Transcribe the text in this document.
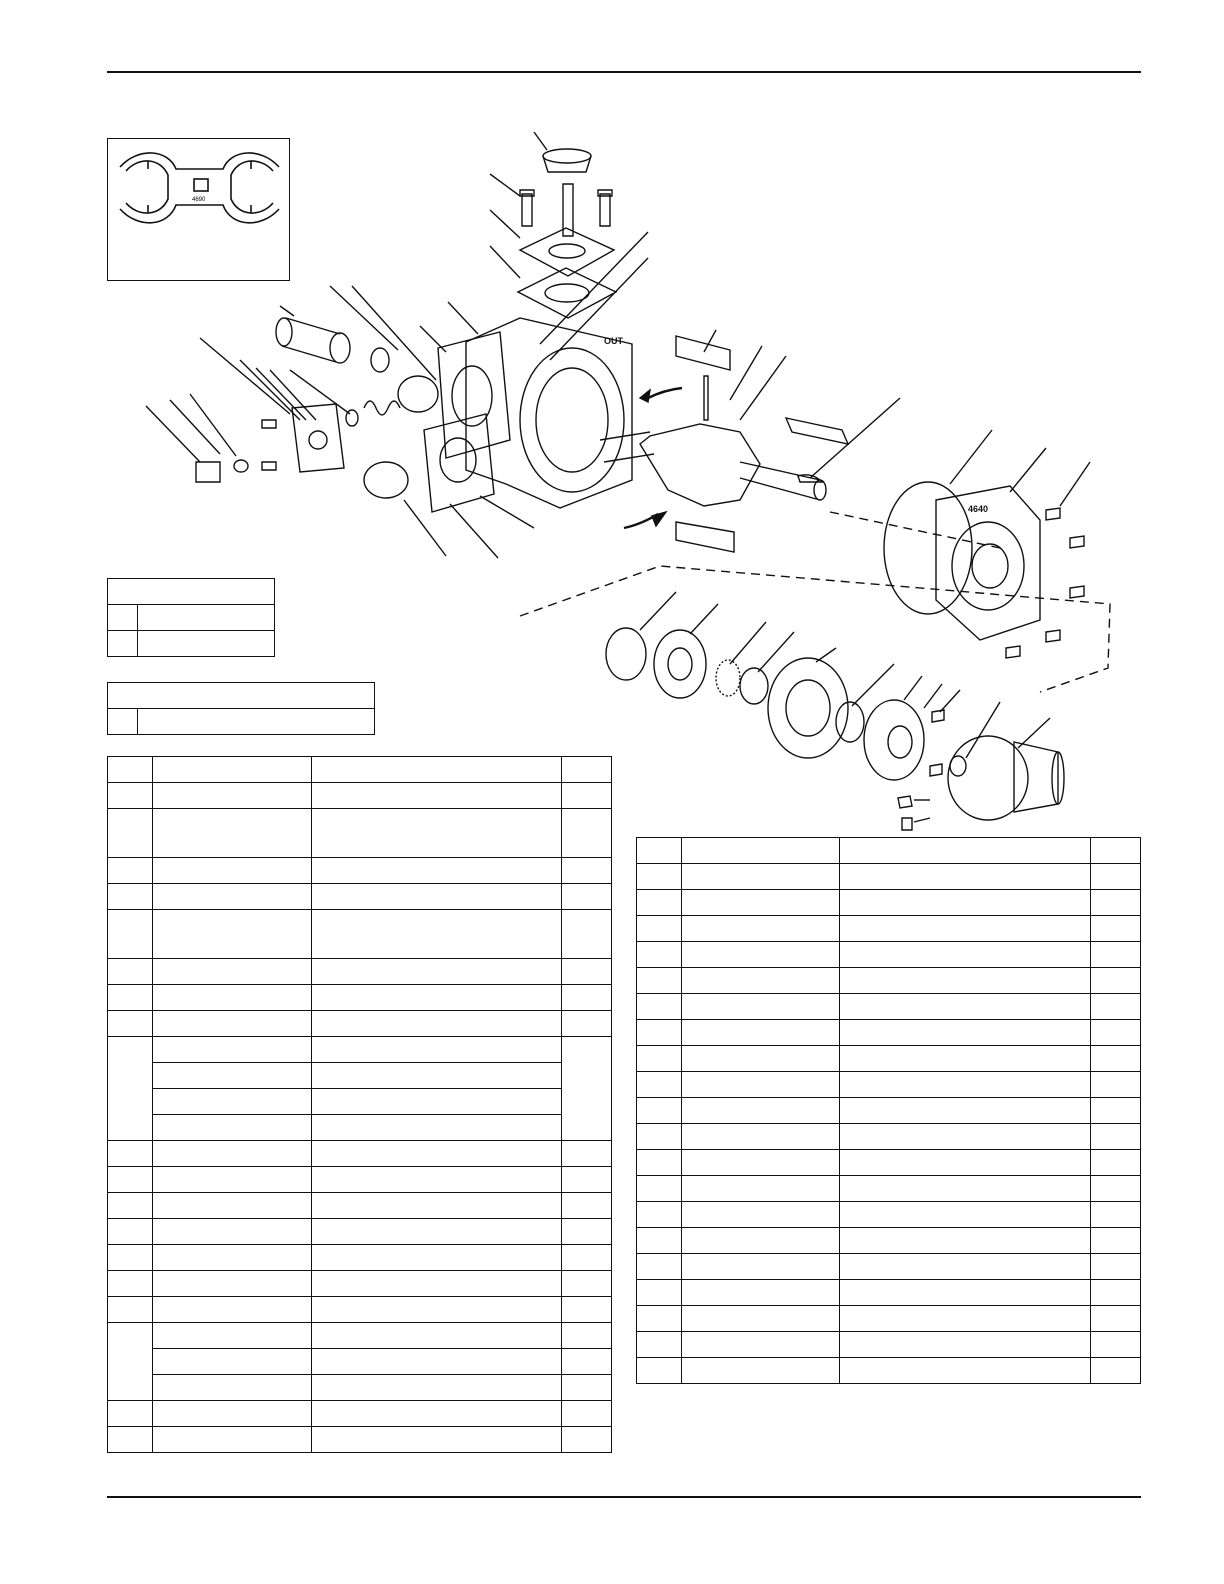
4690
4640
OUT
